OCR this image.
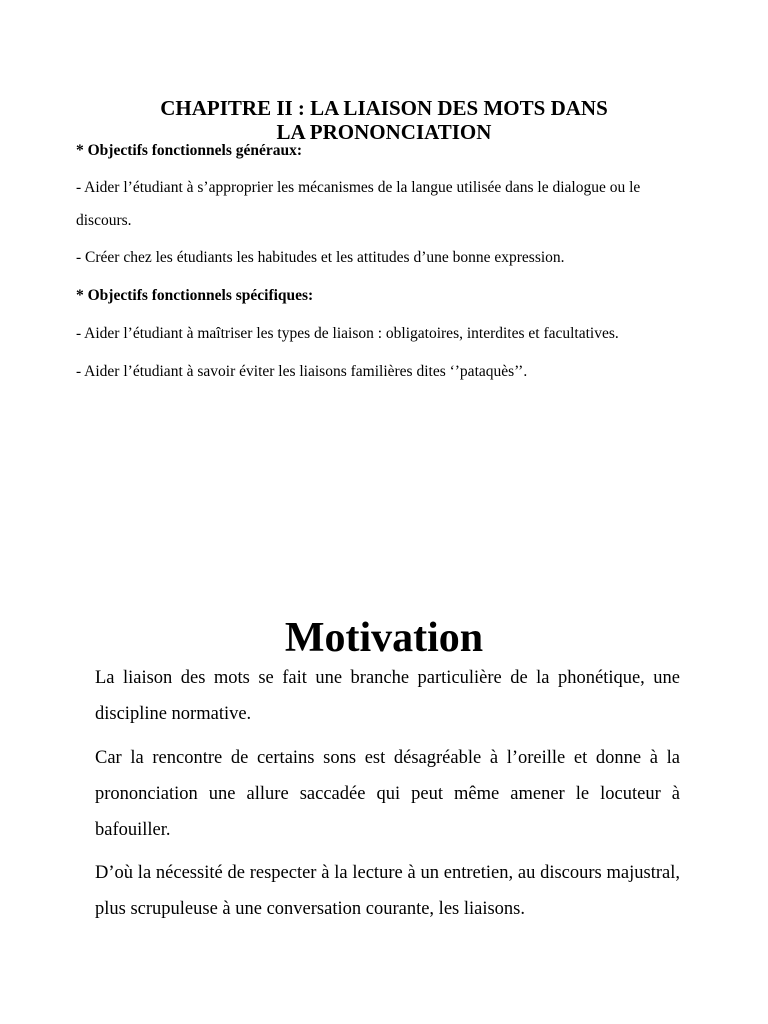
CHAPITRE II : LA LIAISON DES MOTS DANS
LA PRONONCIATION
* Objectifs fonctionnels généraux:
- Aider l’étudiant à s’approprier les mécanismes de la langue utilisée dans le dialogue ou le
discours.
- Créer chez les étudiants les habitudes et les attitudes d’une bonne expression.
* Objectifs fonctionnels spécifiques:
- Aider l’étudiant à maîtriser les types de liaison : obligatoires, interdites et facultatives.
- Aider l’étudiant à savoir éviter les liaisons familières dites ‘’pataquès’’.
Motivation

La liaison des mots se fait une branche particulière de la phonétique, une discipline normative.

Car la rencontre de certains sons est désagréable à l’oreille et donne à la prononciation une allure saccadée qui peut même amener le locuteur à bafouiller.

D’où la nécessité de respecter à la lecture à un entretien, au discours majustral, plus scrupuleuse à une conversation courante, les liaisons.
